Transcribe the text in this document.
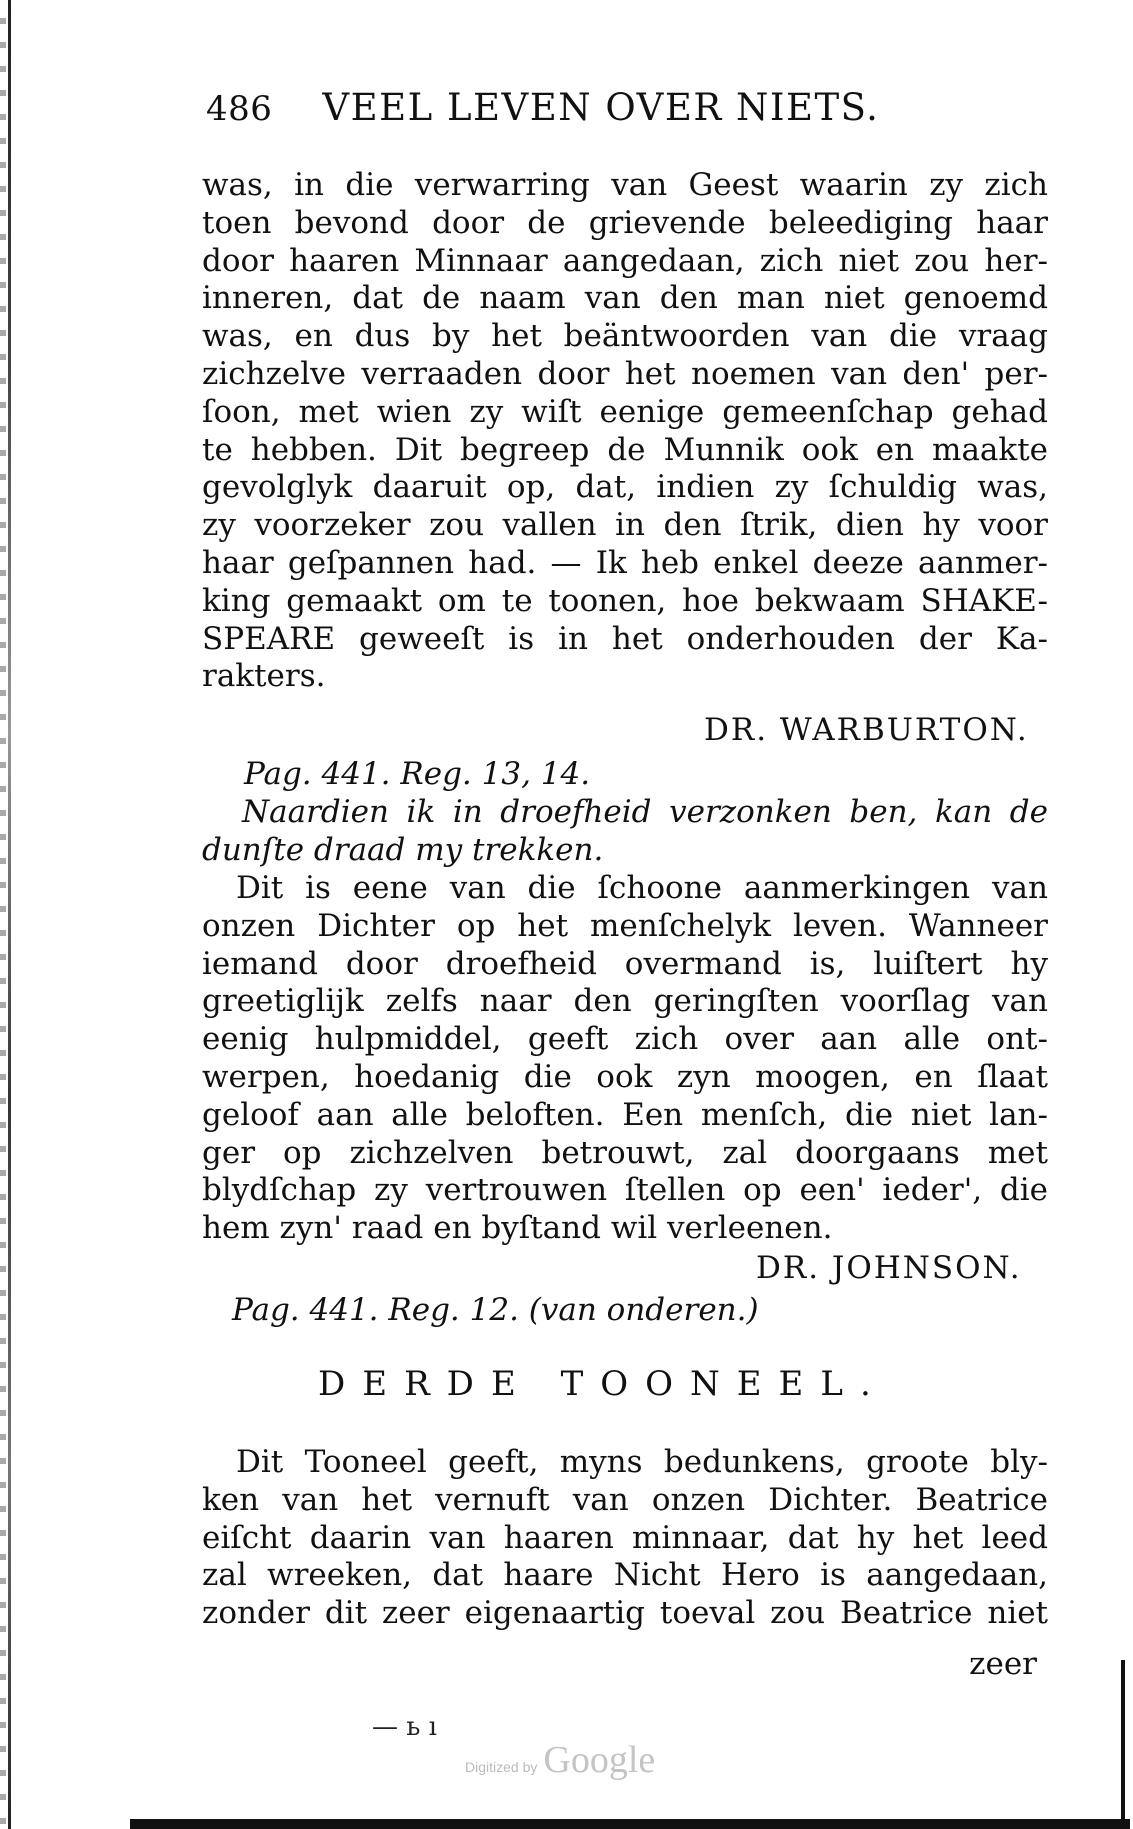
486 VEEL LEVEN OVER NIETS.
was, in die verwarring van Geest waarin zy zich
toen bevond door de grievende beleediging haar
door haaren Minnaar aangedaan, zich niet zou her-
inneren, dat de naam van den man niet genoemd
was, en dus by het beäntwoorden van die vraag
zichzelve verraaden door het noemen van den' per-
ſoon, met wien zy wiſt eenige gemeenſchap gehad
te hebben. Dit begreep de Munnik ook en maakte
gevolglyk daaruit op, dat, indien zy ſchuldig was,
zy voorzeker zou vallen in den ſtrik, dien hy voor
haar geſpannen had. — Ik heb enkel deeze aanmer-
king gemaakt om te toonen, hoe bekwaam SHAKE-
SPEARE geweeſt is in het onderhouden der Ka-
rakters.
DR. WARBURTON.
Pag. 441. Reg. 13, 14.
Naardien ik in droefheid verzonken ben, kan de
dunſte draad my trekken.
Dit is eene van die ſchoone aanmerkingen van
onzen Dichter op het menſchelyk leven. Wanneer
iemand door droefheid overmand is, luiſtert hy
greetiglijk zelfs naar den geringſten voorſlag van
eenig hulpmiddel, geeft zich over aan alle ont-
werpen, hoedanig die ook zyn moogen, en ſlaat
geloof aan alle beloften. Een menſch, die niet lan-
ger op zichzelven betrouwt, zal doorgaans met
blydſchap zy vertrouwen ſtellen op een' ieder', die
hem zyn' raad en byſtand wil verleenen.
DR. JOHNSON.
Pag. 441. Reg. 12. (van onderen.)
DERDE TOONEEL.
Dit Tooneel geeft, myns bedunkens, groote bly-
ken van het vernuft van onzen Dichter. Beatrice
eiſcht daarin van haaren minnaar, dat hy het leed
zal wreeken, dat haare Nicht Hero is aangedaan,
zonder dit zeer eigenaartig toeval zou Beatrice niet
zeer
— ь ı
Digitized by Google
